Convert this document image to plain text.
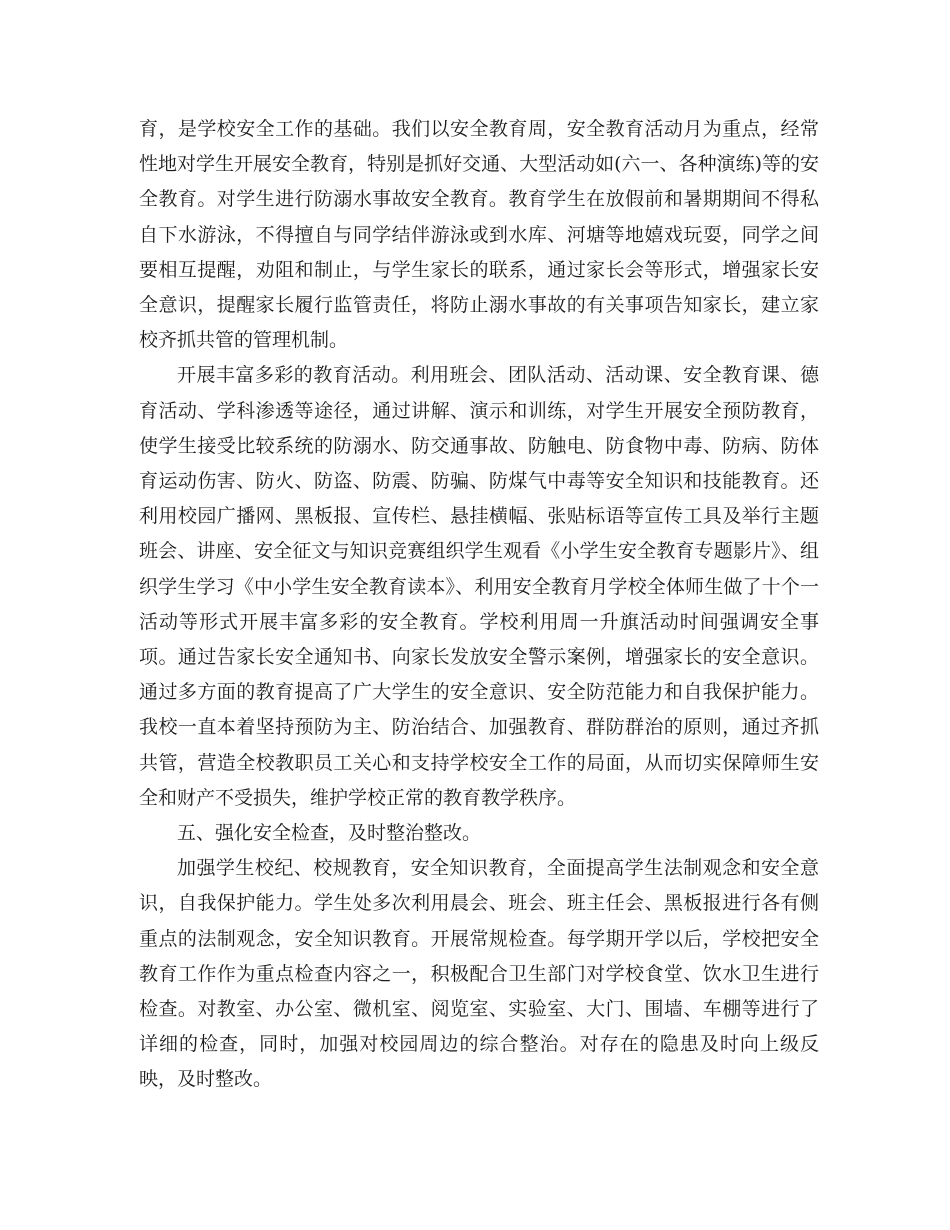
育，是学校安全工作的基础。我们以安全教育周，安全教育活动月为重点，经常性地对学生开展安全教育，特别是抓好交通、大型活动如(六一、各种演练)等的安全教育。对学生进行防溺水事故安全教育。教育学生在放假前和暑期期间不得私自下水游泳，不得擅自与同学结伴游泳或到水库、河塘等地嬉戏玩耍，同学之间要相互提醒，劝阻和制止，与学生家长的联系，通过家长会等形式，增强家长安全意识，提醒家长履行监管责任，将防止溺水事故的有关事项告知家长，建立家校齐抓共管的管理机制。

开展丰富多彩的教育活动。利用班会、团队活动、活动课、安全教育课、德育活动、学科渗透等途径，通过讲解、演示和训练，对学生开展安全预防教育，使学生接受比较系统的防溺水、防交通事故、防触电、防食物中毒、防病、防体育运动伤害、防火、防盗、防震、防骗、防煤气中毒等安全知识和技能教育。还利用校园广播网、黑板报、宣传栏、悬挂横幅、张贴标语等宣传工具及举行主题班会、讲座、安全征文与知识竞赛组织学生观看《小学生安全教育专题影片》、组织学生学习《中小学生安全教育读本》、利用安全教育月学校全体师生做了十个一活动等形式开展丰富多彩的安全教育。学校利用周一升旗活动时间强调安全事项。通过告家长安全通知书、向家长发放安全警示案例，增强家长的安全意识。通过多方面的教育提高了广大学生的安全意识、安全防范能力和自我保护能力。我校一直本着坚持预防为主、防治结合、加强教育、群防群治的原则，通过齐抓共管，营造全校教职员工关心和支持学校安全工作的局面，从而切实保障师生安全和财产不受损失，维护学校正常的教育教学秩序。

五、强化安全检查，及时整治整改。

加强学生校纪、校规教育，安全知识教育，全面提高学生法制观念和安全意识，自我保护能力。学生处多次利用晨会、班会、班主任会、黑板报进行各有侧重点的法制观念，安全知识教育。开展常规检查。每学期开学以后，学校把安全教育工作作为重点检查内容之一，积极配合卫生部门对学校食堂、饮水卫生进行检查。对教室、办公室、微机室、阅览室、实验室、大门、围墙、车棚等进行了详细的检查，同时，加强对校园周边的综合整治。对存在的隐患及时向上级反映，及时整改。
